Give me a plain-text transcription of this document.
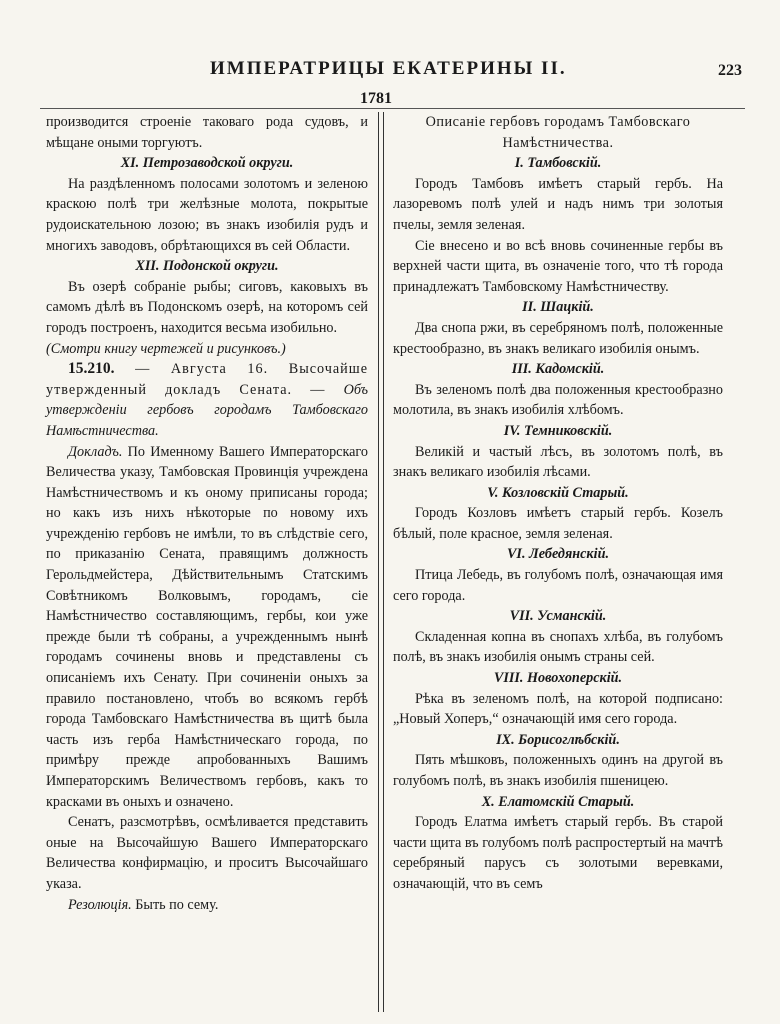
ИМПЕРАТРИЦЫ ЕКАТЕРИНЫ II.	223
1781

производится строеніе таковаго рода судовъ, и мѣщане оными торгуютъ.

XI. Петрозаводской округи.

На раздѣленномъ полосами золотомъ и зеленою краскою полѣ три желѣзные молота, покрытые рудоискательною лозою; въ знакъ изобилія рудъ и многихъ заводовъ, обрѣтающихся въ сей Области.

XII. Подонской округи.

Въ озерѣ собраніе рыбы; сиговъ, каковыхъ въ самомъ дѣлѣ въ Подонскомъ озерѣ, на которомъ сей городъ построенъ, находится весьма изобильно.

(Смотри книгу чертежей и рисунковъ.)

15.210. — Августа 16. Высочайше утвержденный докладъ Сената. — Объ утвержденіи гербовъ городамъ Тамбовскаго Намѣстничества.

Докладъ. По Именному Вашего Императорскаго Величества указу, Тамбовская Провинція учреждена Намѣстничествомъ и къ оному приписаны города; но какъ изъ нихъ нѣкоторые по новому ихъ учрежденію гербовъ не имѣли, то въ слѣдствіе сего, по приказанію Сената, правящимъ должность Герольдмейстера, Дѣйствительнымъ Статскимъ Совѣтникомъ Волковымъ, городамъ, сіе Намѣстничество составляющимъ, гербы, кои уже прежде были тѣ собраны, а учрежденнымъ нынѣ городамъ сочинены вновь и представлены съ описаніемъ ихъ Сенату. При сочиненіи оныхъ за правило постановлено, чтобъ во всякомъ гербѣ города Тамбовскаго Намѣстничества въ щитѣ была часть изъ герба Намѣстническаго города, по примѣру прежде апробованныхъ Вашимъ Императорскимъ Величествомъ гербовъ, какъ то красками въ оныхъ и означено.

Сенатъ, разсмотрѣвъ, осмѣливается представить оные на Высочайшую Вашего Императорскаго Величества конфирмацію, и проситъ Высочайшаго указа.

Резолюція. Быть по сему.

Описаніе гербовъ городамъ Тамбовскаго Намѣстничества.

I. Тамбовскій.

Городъ Тамбовъ имѣетъ старый гербъ. На лазоревомъ полѣ улей и надъ нимъ три золотыя пчелы, земля зеленая.

Сіе внесено и во всѣ вновь сочиненные гербы въ верхней части щита, въ означеніе того, что тѣ города принадлежатъ Тамбовскому Намѣстничеству.

II. Шацкій.

Два снопа ржи, въ серебряномъ полѣ, положенные крестообразно, въ знакъ великаго изобилія онымъ.

III. Кадомскій.

Въ зеленомъ полѣ два положенныя крестообразно молотила, въ знакъ изобилія хлѣбомъ.

IV. Темниковскій.

Великій и частый лѣсъ, въ золотомъ полѣ, въ знакъ великаго изобилія лѣсами.

V. Козловскій Старый.

Городъ Козловъ имѣетъ старый гербъ. Козелъ бѣлый, поле красное, земля зеленая.

VI. Лебедянскій.

Птица Лебедь, въ голубомъ полѣ, означающая имя сего города.

VII. Усманскій.

Складенная копна въ снопахъ хлѣба, въ голубомъ полѣ, въ знакъ изобилія онымъ страны сей.

VIII. Новохоперскій.

Рѣка въ зеленомъ полѣ, на которой подписано: „Новый Хоперъ,“ означающій имя сего города.

IX. Борисоглѣбскій.

Пять мѣшковъ, положенныхъ одинъ на другой въ голубомъ полѣ, въ знакъ изобилія пшеницею.

X. Елатомскій Старый.

Городъ Елатма имѣетъ старый гербъ. Въ старой части щита въ голубомъ полѣ распростертый на мачтѣ серебряный парусъ съ золотыми веревками, означающій, что въ семъ
